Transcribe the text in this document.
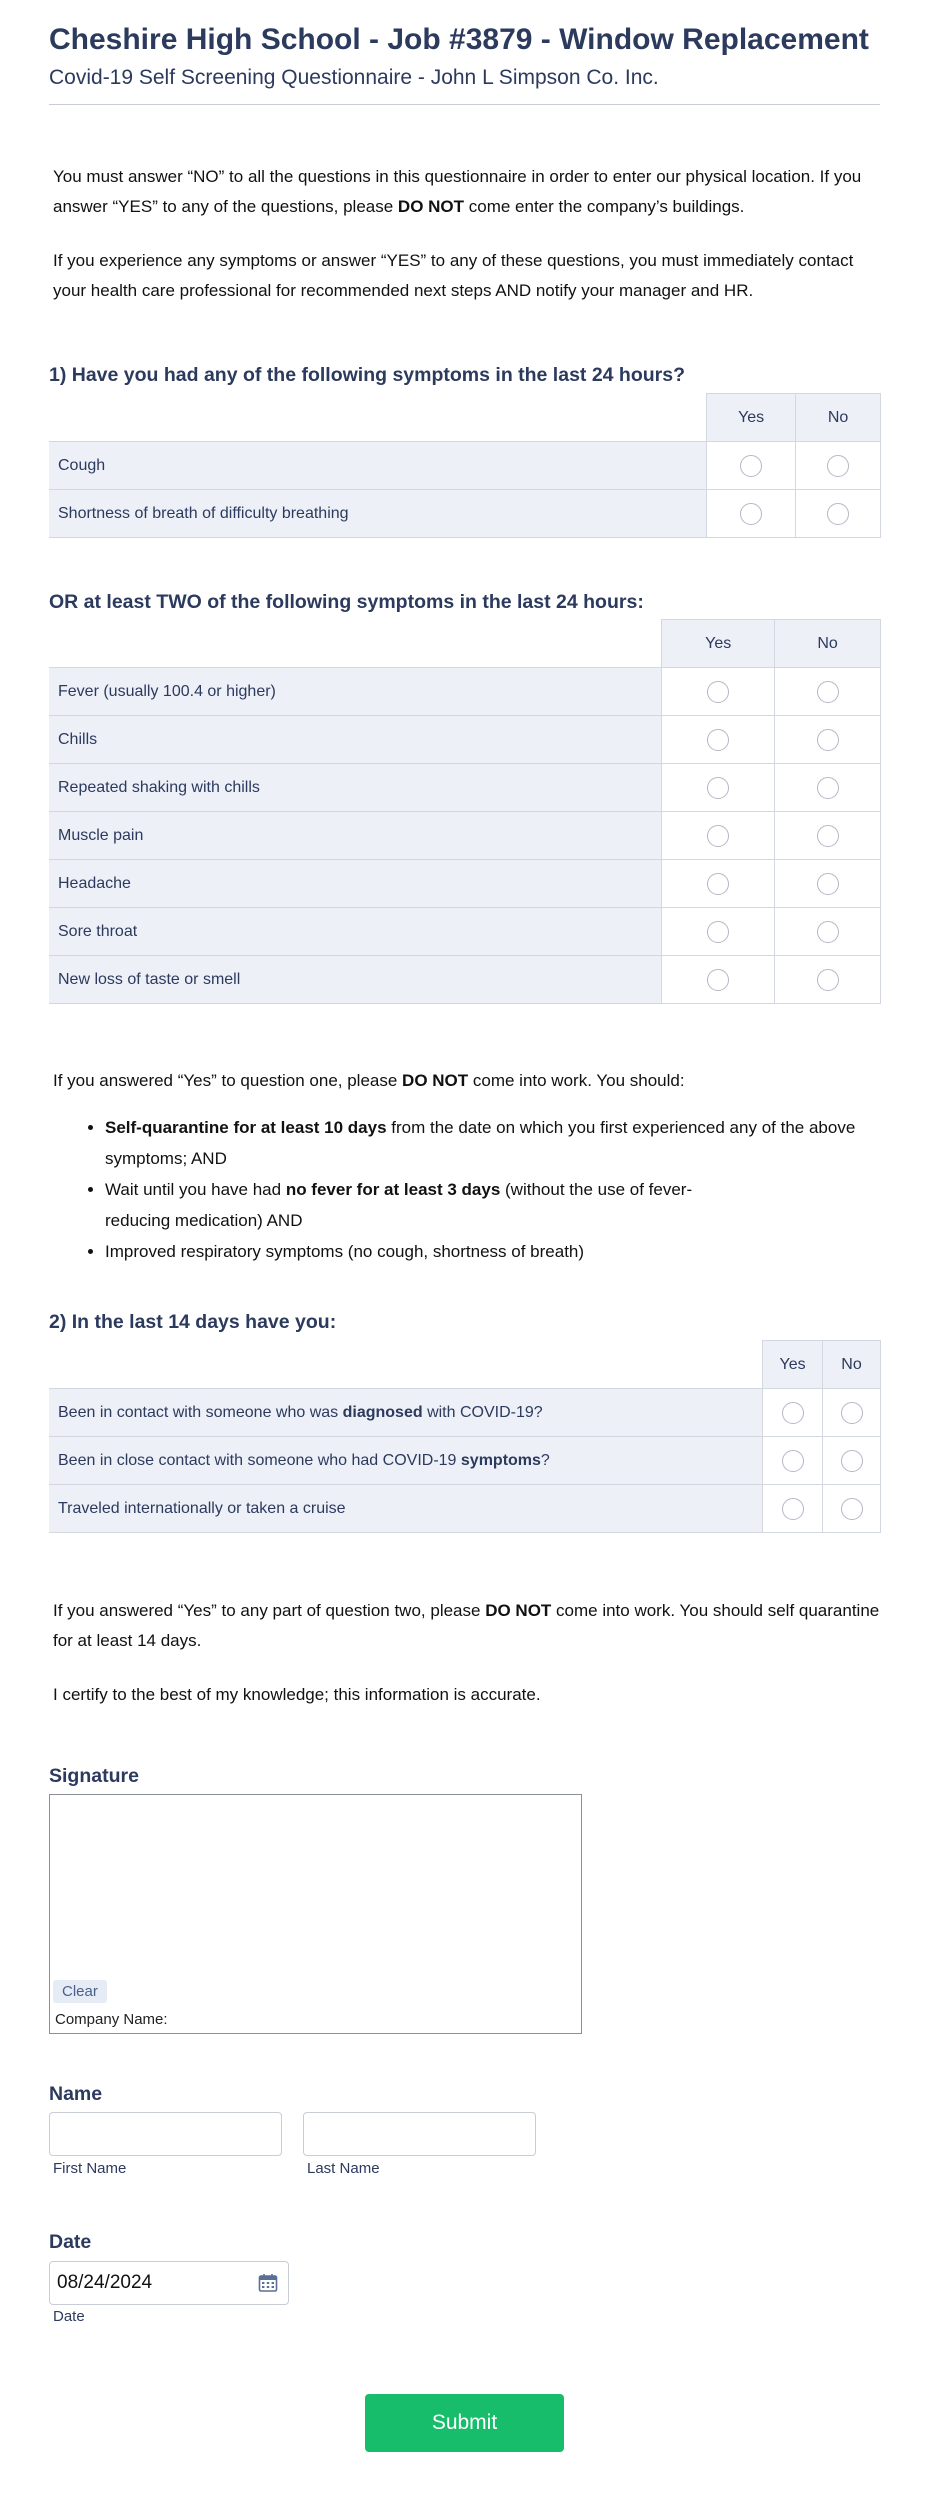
Cheshire High School - Job #3879 - Window Replacement
Covid-19 Self Screening Questionnaire - John L Simpson Co. Inc.
You must answer “NO” to all the questions in this questionnaire in order to enter our physical location. If you answer “YES” to any of the questions, please DO NOT come enter the company’s buildings.
If you experience any symptoms or answer “YES” to any of these questions, you must immediately contact your health care professional for recommended next steps AND notify your manager and HR.
1) Have you had any of the following symptoms in the last 24 hours?
	Yes	No
Cough		
Shortness of breath of difficulty breathing		
OR at least TWO of the following symptoms in the last 24 hours:
	Yes	No
Fever (usually 100.4 or higher)		
Chills		
Repeated shaking with chills		
Muscle pain		
Headache		
Sore throat		
New loss of taste or smell		
If you answered “Yes” to question one, please DO NOT come into work. You should:
• Self-quarantine for at least 10 days from the date on which you first experienced any of the above symptoms; AND
• Wait until you have had no fever for at least 3 days (without the use of fever-
reducing medication) AND
• Improved respiratory symptoms (no cough, shortness of breath)
2) In the last 14 days have you:
	Yes	No
Been in contact with someone who was diagnosed with COVID-19?		
Been in close contact with someone who had COVID-19 symptoms?		
Traveled internationally or taken a cruise		
If you answered “Yes” to any part of question two, please DO NOT come into work. You should self quarantine for at least 14 days.
I certify to the best of my knowledge; this information is accurate.
Signature
Clear
Company Name:
Name
First Name	Last Name
Date
08/24/2024
Date
Submit
